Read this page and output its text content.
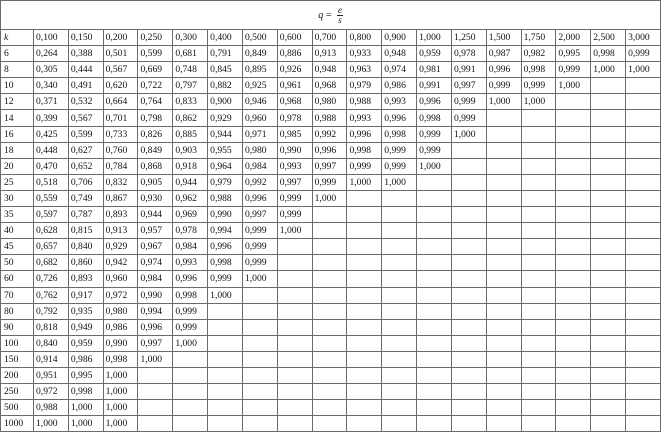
$q = \frac{e}{s}$

k	0,100	0,150	0,200	0,250	0,300	0,400	0,500	0,600	0,700	0,800	0,900	1,000	1,250	1,500	1,750	2,000	2,500	3,000
6	0,264	0,388	0,501	0,599	0,681	0,791	0,849	0,886	0,913	0,933	0,948	0,959	0,978	0,987	0,982	0,995	0,998	0,999
8	0,305	0,444	0,567	0,669	0,748	0,845	0,895	0,926	0,948	0,963	0,974	0,981	0,991	0,996	0,998	0,999	1,000	1,000
10	0,340	0,491	0,620	0,722	0,797	0,882	0,925	0,961	0,968	0,979	0,986	0,991	0,997	0,999	0,999	1,000		
12	0,371	0,532	0,664	0,764	0,833	0,900	0,946	0,968	0,980	0,988	0,993	0,996	0,999	1,000	1,000			
14	0,399	0,567	0,701	0,798	0,862	0,929	0,960	0,978	0,988	0,993	0,996	0,998	0,999					
16	0,425	0,599	0,733	0,826	0,885	0,944	0,971	0,985	0,992	0,996	0,998	0,999	1,000					
18	0,448	0,627	0,760	0,849	0,903	0,955	0,980	0,990	0,996	0,998	0,999	0,999						
20	0,470	0,652	0,784	0,868	0,918	0,964	0,984	0,993	0,997	0,999	0,999	1,000						
25	0,518	0,706	0,832	0,905	0,944	0,979	0,992	0,997	0,999	1,000	1,000							
30	0,559	0,749	0,867	0,930	0,962	0,988	0,996	0,999	1,000									
35	0,597	0,787	0,893	0,944	0,969	0,990	0,997	0,999										
40	0,628	0,815	0,913	0,957	0,978	0,994	0,999	1,000										
45	0,657	0,840	0,929	0,967	0,984	0,996	0,999											
50	0,682	0,860	0,942	0,974	0,993	0,998	0,999											
60	0,726	0,893	0,960	0,984	0,996	0,999	1,000											
70	0,762	0,917	0,972	0,990	0,998	1,000												
80	0,792	0,935	0,980	0,994	0,999													
90	0,818	0,949	0,986	0,996	0,999													
100	0,840	0,959	0,990	0,997	1,000													
150	0,914	0,986	0,998	1,000														
200	0,951	0,995	1,000															
250	0,972	0,998	1,000															
500	0,988	1,000	1,000															
1000	1,000	1,000	1,000															
